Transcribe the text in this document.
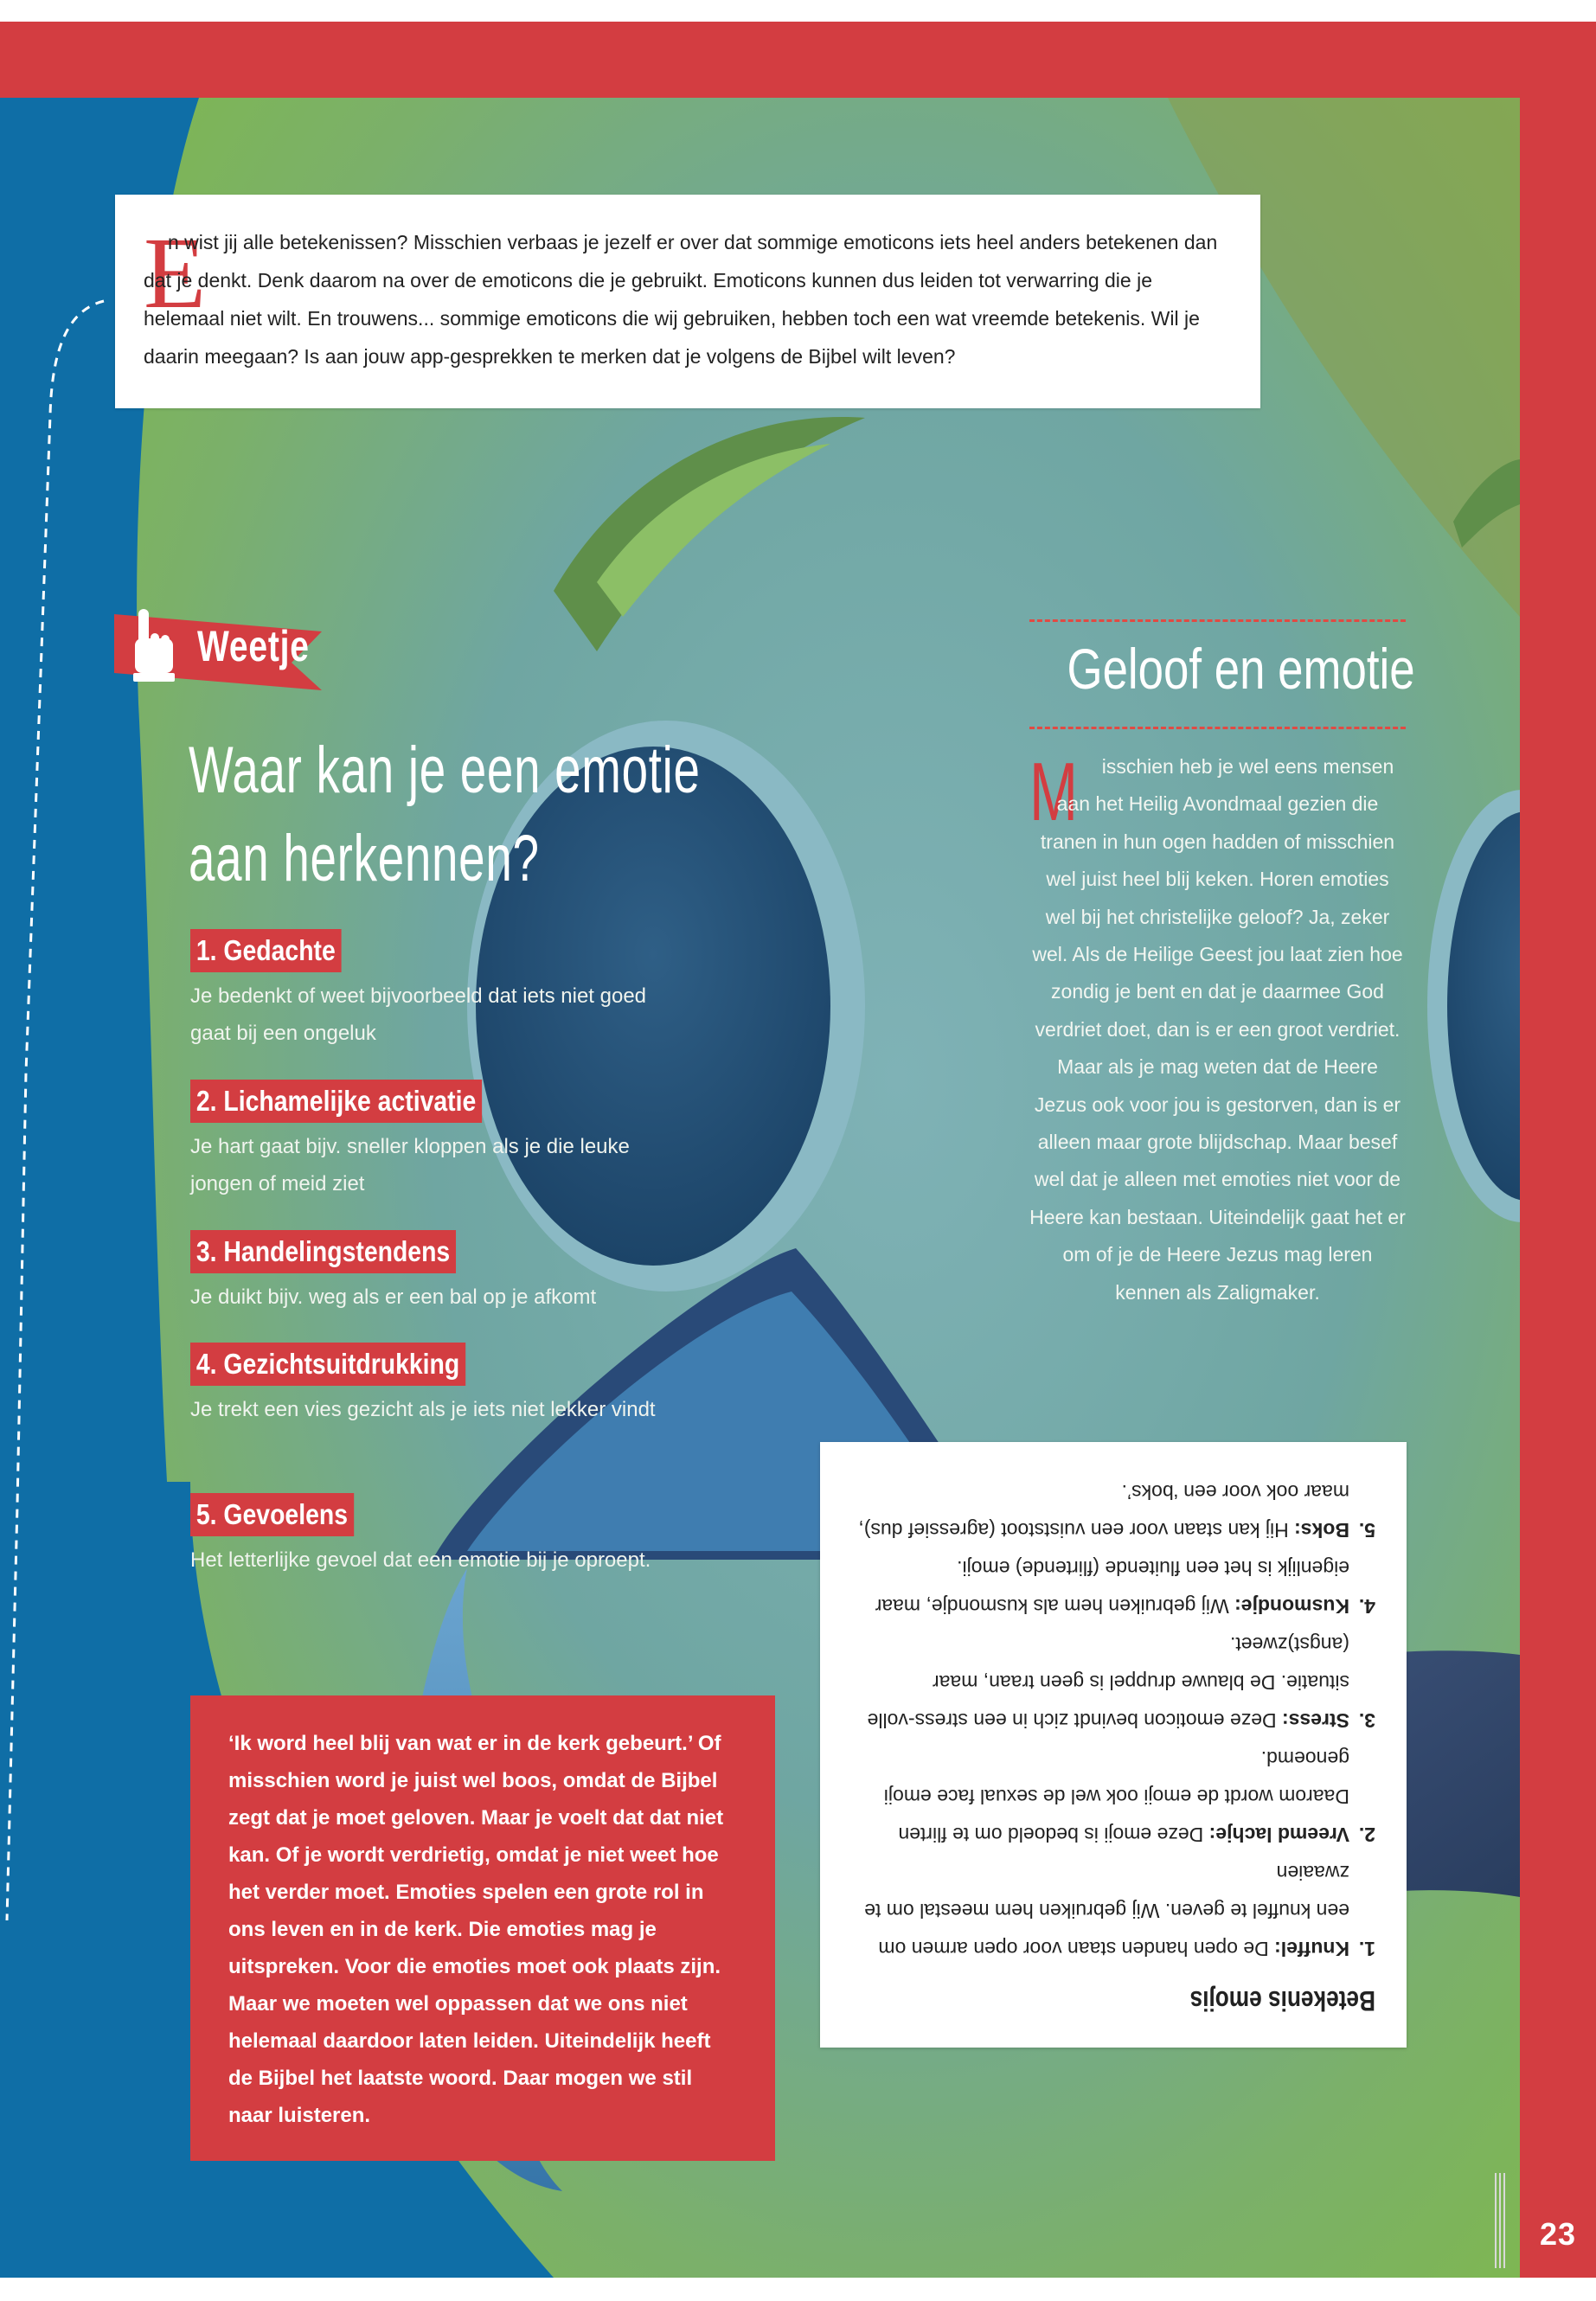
23
E

n wist jij alle betekenissen? Misschien verbaas je jezelf er over dat sommige emoticons iets heel anders betekenen dan dat je denkt. Denk daarom na over de emoticons die je gebruikt. Emoticons kunnen dus leiden tot verwarring die je helemaal niet wilt. En trouwens... sommige emoticons die wij gebruiken, hebben toch een wat vreemde betekenis. Wil je daarin meegaan? Is aan jouw app-gesprekken te merken dat je volgens de Bijbel wilt leven?

Weetje
Waar kan je een emotie
aan herkennen?
1. Gedachte

Je bedenkt of weet bijvoorbeeld dat iets niet goed gaat bij een ongeluk

2. Lichamelijke activatie

Je hart gaat bijv. sneller kloppen als je die leuke jongen of meid ziet

3. Handelingstendens

Je duikt bijv. weg als er een bal op je afkomt

4. Gezichtsuitdrukking

Je trekt een vies gezicht als je iets niet lekker vindt

5. Gevoelens

Het letterlijke gevoel dat een emotie bij je oproept.

‘Ik word heel blij van wat er in de kerk gebeurt.’ Of misschien word je juist wel boos, omdat de Bijbel zegt dat je moet geloven. Maar je voelt dat dat niet kan. Of je wordt verdrietig, omdat je niet weet hoe het verder moet. Emoties spelen een grote rol in ons leven en in de kerk. Die emoties mag je uitspreken. Voor die emoties moet ook plaats zijn. Maar we moeten wel oppassen dat we ons niet helemaal daardoor laten leiden. Uiteindelijk heeft de Bijbel het laatste woord. Daar mogen we stil naar luisteren.

Geloof en emotie
M	isschien heb je wel eens mensen aan het Heilig Avondmaal gezien die tranen in hun ogen hadden of misschien wel juist heel blij keken. Horen emoties wel bij het christelijke geloof? Ja, zeker wel. Als de Heilige Geest jou laat zien hoe zondig je bent en dat je daarmee God verdriet doet, dan is er een groot verdriet. Maar als je mag weten dat de Heere Jezus ook voor jou is gestorven, dan is er alleen maar grote blijdschap. Maar besef wel dat je alleen met emoties niet voor de Heere kan bestaan. Uiteindelijk gaat het er om of je de Heere Jezus mag leren kennen als Zaligmaker.

Betekenis emojis
1.
Knuffel: De open handen staan voor open armen om een knuffel te geven. Wij gebruiken hem meestal om te zwaaien
2.
Vreemd lachje: Deze emoji is bedoeld om te flirten Daarom wordt de emoji ook wel de sexual face emoji genoemd.
3.
Stress: Deze emoticon bevindt zich in een stress-volle situatie. De blauwe druppel is geen traan, maar (angst)zweet.
4.
Kusmondje: Wij gebruiken hem als kusmondje, maar eigenlijk is het een fluitende (flirtende) emoji.
5.
Boks: Hij kan staan voor een vuiststoot (agressief dus), maar ook voor een ‘boks’.
